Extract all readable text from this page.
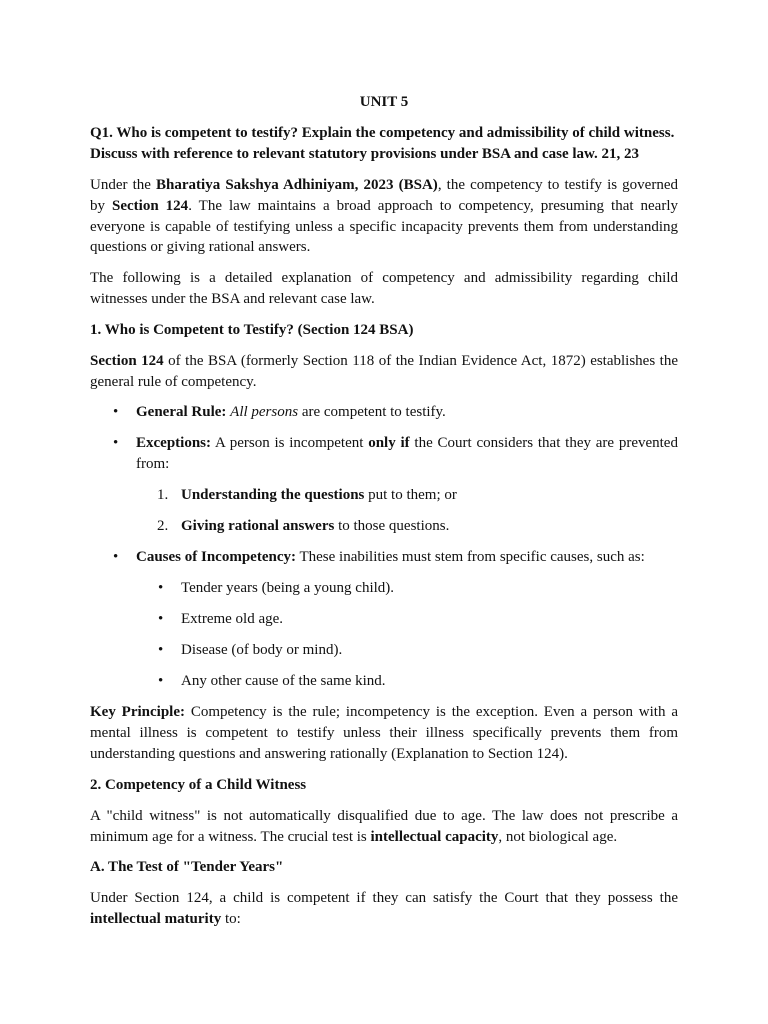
UNIT 5
Q1. Who is competent to testify? Explain the competency and admissibility of child witness.
Discuss with reference to relevant statutory provisions under BSA and case law. 21, 23
Under the Bharatiya Sakshya Adhiniyam, 2023 (BSA), the competency to testify is governed by Section 124. The law maintains a broad approach to competency, presuming that nearly everyone is capable of testifying unless a specific incapacity prevents them from understanding questions or giving rational answers.
The following is a detailed explanation of competency and admissibility regarding child witnesses under the BSA and relevant case law.
1. Who is Competent to Testify? (Section 124 BSA)
Section 124 of the BSA (formerly Section 118 of the Indian Evidence Act, 1872) establishes the general rule of competency.
• General Rule: All persons are competent to testify.
• Exceptions: A person is incompetent only if the Court considers that they are prevented from:
1. Understanding the questions put to them; or
2. Giving rational answers to those questions.
• Causes of Incompetency: These inabilities must stem from specific causes, such as:
• Tender years (being a young child).
• Extreme old age.
• Disease (of body or mind).
• Any other cause of the same kind.
Key Principle: Competency is the rule; incompetency is the exception. Even a person with a mental illness is competent to testify unless their illness specifically prevents them from understanding questions and answering rationally (Explanation to Section 124).
2. Competency of a Child Witness
A "child witness" is not automatically disqualified due to age. The law does not prescribe a minimum age for a witness. The crucial test is intellectual capacity, not biological age.
A. The Test of "Tender Years"
Under Section 124, a child is competent if they can satisfy the Court that they possess the intellectual maturity to:
